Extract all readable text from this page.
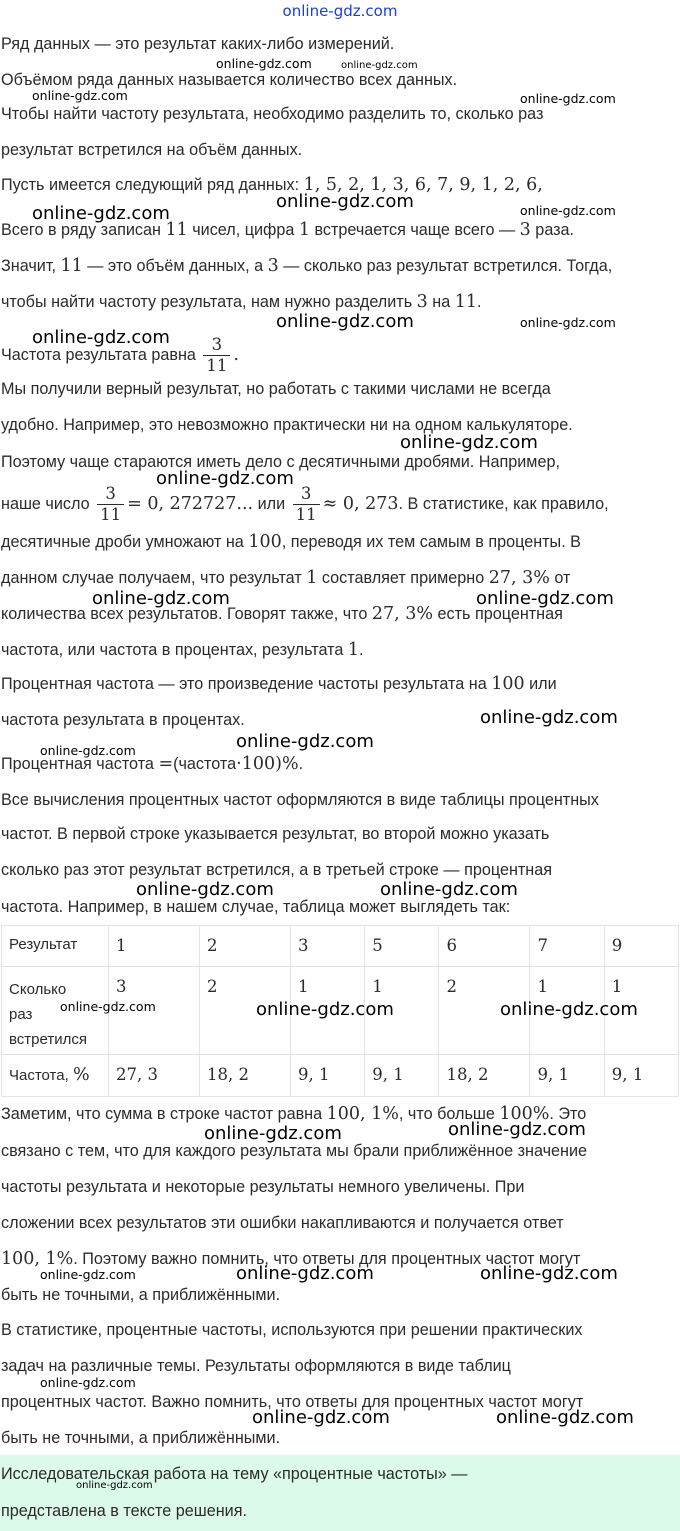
online-gdz.com

Ряд данных — это результат каких-либо измерений.

Объёмом ряда данных называется количество всех данных.

Чтобы найти частоту результата, необходимо разделить то, сколько раз

результат встретился на объём данных.

Пусть имеется следующий ряд данных: 1, 5, 2, 1, 3, 6, 7, 9, 1, 2, 6,

Всего в ряду записан 11 чисел, цифра 1 встречается чаще всего — 3 раза.

Значит, 11 — это объём данных, а 3 — сколько раз результат встретился. Тогда,

чтобы найти частоту результата, нам нужно разделить 3 на 11.

Частота результата равна $\frac{3}{11}$ .

Мы получили верный результат, но работать с такими числами не всегда

удобно. Например, это невозможно практически ни на одном калькуляторе.

Поэтому чаще стараются иметь дело с десятичными дробями. Например,

наше число $\frac{3}{11} = 0$, 272727... или $\frac{3}{11} \approx 0$, 273. В статистике, как правило,

десятичные дроби умножают на 100, переводя их тем самым в проценты. В

данном случае получаем, что результат 1 составляет примерно 27, 3% от

количества всех результатов. Говорят также, что 27, 3% есть процентная

частота, или частота в процентах, результата 1.

Процентная частота — это произведение частоты результата на 100 или

частота результата в процентах.

Процентная частота =(частота·100)%.

Все вычисления процентных частот оформляются в виде таблицы процентных

частот. В первой строке указывается результат, во второй можно указать

сколько раз этот результат встретился, а в третьей строке — процентная

частота. Например, в нашем случае, таблица может выглядеть так:

Результат	1	2	3	5	6	7	9
Сколько
раз
встретился	3	2	1	1	2	1	1
Частота, %	27, 3	18, 2	9, 1	9, 1	18, 2	9, 1	9, 1

Заметим, что сумма в строке частот равна 100, 1%, что больше 100%. Это

связано с тем, что для каждого результата мы брали приближённое значение

частоты результата и некоторые результаты немного увеличены. При

сложении всех результатов эти ошибки накапливаются и получается ответ

100, 1%. Поэтому важно помнить, что ответы для процентных частот могут

быть не точными, а приближёнными.

В статистике, процентные частоты, используются при решении практических

задач на различные темы. Результаты оформляются в виде таблиц

процентных частот. Важно помнить, что ответы для процентных частот могут

быть не точными, а приближёнными.

Исследовательская работа на тему «процентные частоты» —

представлена в тексте решения.

online-gdz.com	online-gdz.com
online-gdz.com	online-gdz.com
online-gdz.com
online-gdz.com	online-gdz.com
online-gdz.com
online-gdz.com
online-gdz.com
online-gdz.com
online-gdz.com
online-gdz.com	online-gdz.com
online-gdz.com
online-gdz.com
online-gdz.com
online-gdz.com	online-gdz.com
online-gdz.com	online-gdz.com	online-gdz.com
online-gdz.com
online-gdz.com
online-gdz.com	online-gdz.com	online-gdz.com
online-gdz.com
online-gdz.com	online-gdz.com
online-gdz.com
